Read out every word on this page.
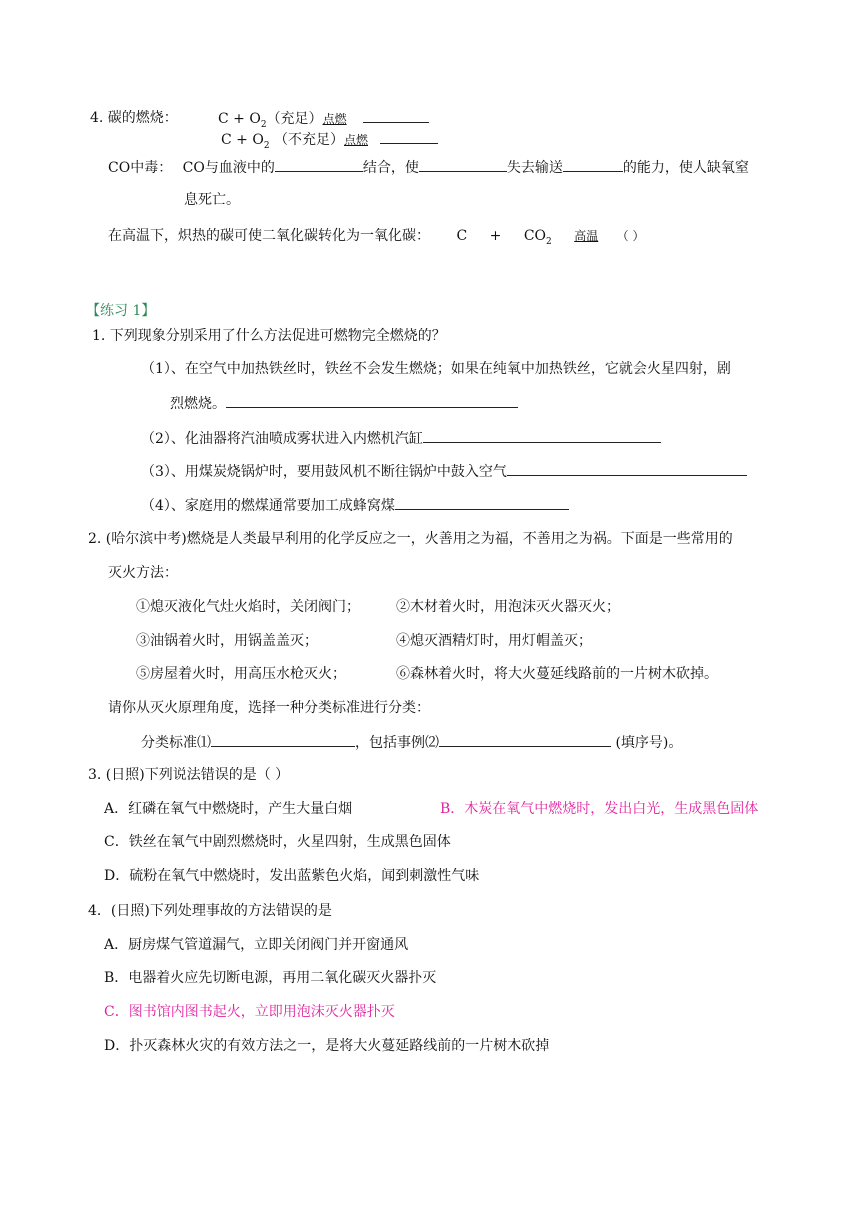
4. 碳的燃烧：	$C + O_2$（充足）点燃
$C + O_2$ （不充足）点燃
CO中毒： CO与血液中的	结合，使	失去输送	的能力，使人缺氧窒
息死亡。
在高温下，炽热的碳可使二氧化碳转化为一氧化碳： $C + CO_2$ 高温 （ ）
【练习 1】
1. 下列现象分别采用了什么方法促进可燃物完全燃烧的？
（1）、在空气中加热铁丝时，铁丝不会发生燃烧；如果在纯氧中加热铁丝，它就会火星四射，剧
烈燃烧。
（2）、化油器将汽油喷成雾状进入内燃机汽缸
（3）、用煤炭烧锅炉时，要用鼓风机不断往锅炉中鼓入空气
（4）、家庭用的燃煤通常要加工成蜂窝煤
2. (哈尔滨中考)燃烧是人类最早利用的化学反应之一，火善用之为福，不善用之为祸。下面是一些常用的
灭火方法：
①熄灭液化气灶火焰时，关闭阀门；	②木材着火时，用泡沫灭火器灭火；
③油锅着火时，用锅盖盖灭；	④熄灭酒精灯时，用灯帽盖灭；
⑤房屋着火时，用高压水枪灭火；	⑥森林着火时，将大火蔓延线路前的一片树木砍掉。
请你从灭火原理角度，选择一种分类标准进行分类：
分类标准⑴	，包括事例⑵	(填序号)。
3. (日照)下列说法错误的是（ ）
A．红磷在氧气中燃烧时，产生大量白烟	B．木炭在氧气中燃烧时，发出白光，生成黑色固体
C．铁丝在氧气中剧烈燃烧时，火星四射，生成黑色固体
D．硫粉在氧气中燃烧时，发出蓝紫色火焰，闻到刺激性气味
4．(日照)下列处理事故的方法错误的是
A．厨房煤气管道漏气，立即关闭阀门并开窗通风
B．电器着火应先切断电源，再用二氧化碳灭火器扑灭
C．图书馆内图书起火，立即用泡沫灭火器扑灭
D．扑灭森林火灾的有效方法之一，是将大火蔓延路线前的一片树木砍掉
